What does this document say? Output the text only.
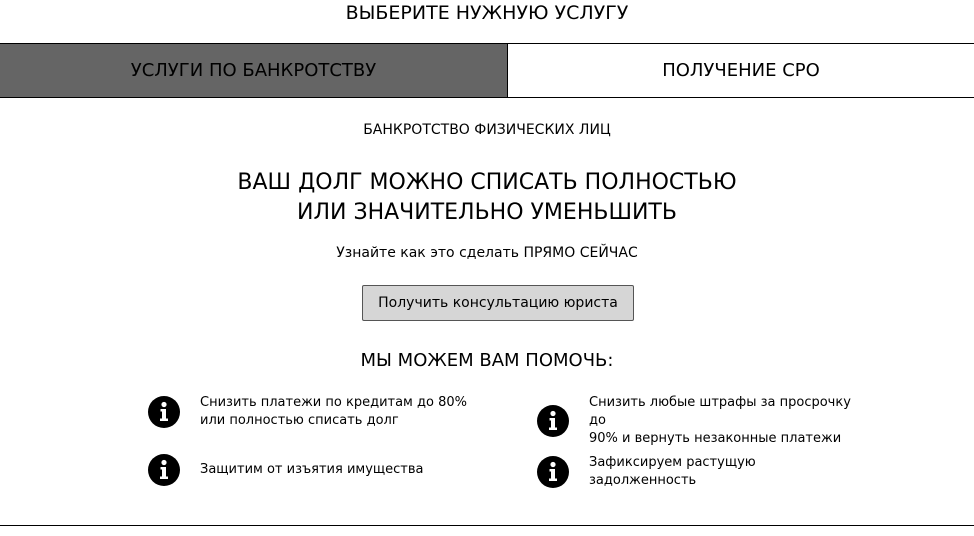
ВЫБЕРИТЕ НУЖНУЮ УСЛУГУ
УСЛУГИ ПО БАНКРОТСТВУ	ПОЛУЧЕНИЕ СРО
БАНКРОТСТВО ФИЗИЧЕСКИХ ЛИЦ
ВАШ ДОЛГ МОЖНО СПИСАТЬ ПОЛНОСТЬЮ
ИЛИ ЗНАЧИТЕЛЬНО УМЕНЬШИТЬ
Узнайте как это сделать ПРЯМО СЕЙЧАС
Получить консультацию юриста
МЫ МОЖЕМ ВАМ ПОМОЧЬ:
Снизить платежи по кредитам до 80%
или полностью списать долг
Снизить любые штрафы за просрочку до
90% и вернуть незаконные платежи
Защитим от изъятия имущества	Зафиксируем растущую задолженность
